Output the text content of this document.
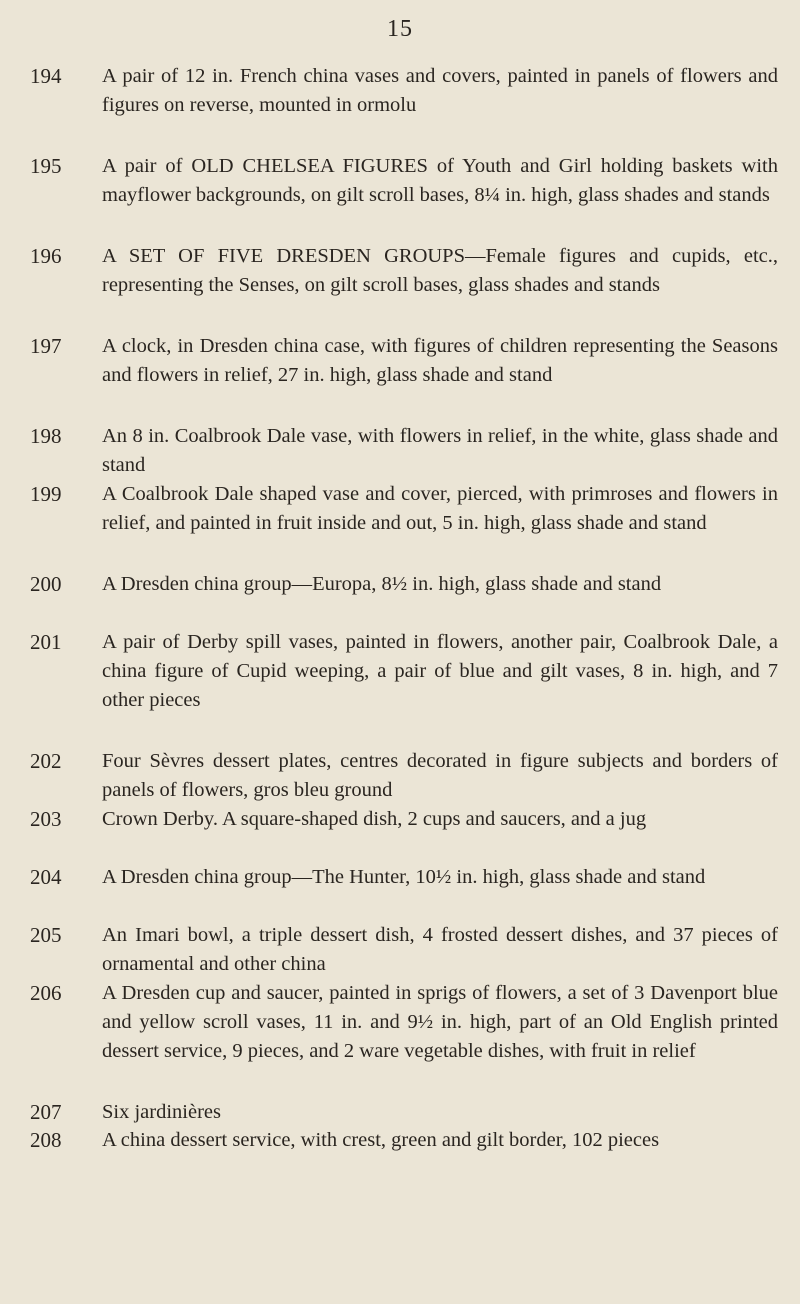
15
194	A pair of 12 in. French china vases and covers, painted in panels of flowers and figures on reverse, mounted in ormolu
195	A pair of OLD CHELSEA FIGURES of Youth and Girl holding baskets with mayflower backgrounds, on gilt scroll bases, 8¼ in. high, glass shades and stands
196	A SET OF FIVE DRESDEN GROUPS—Female figures and cupids, etc., representing the Senses, on gilt scroll bases, glass shades and stands
197	A clock, in Dresden china case, with figures of children representing the Seasons and flowers in relief, 27 in. high, glass shade and stand
198	An 8 in. Coalbrook Dale vase, with flowers in relief, in the white, glass shade and stand
199	A Coalbrook Dale shaped vase and cover, pierced, with primroses and flowers in relief, and painted in fruit inside and out, 5 in. high, glass shade and stand
200	A Dresden china group—Europa, 8½ in. high, glass shade and stand
201	A pair of Derby spill vases, painted in flowers, another pair, Coalbrook Dale, a china figure of Cupid weeping, a pair of blue and gilt vases, 8 in. high, and 7 other pieces
202	Four Sèvres dessert plates, centres decorated in figure subjects and borders of panels of flowers, gros bleu ground
203	Crown Derby. A square-shaped dish, 2 cups and saucers, and a jug
204	A Dresden china group—The Hunter, 10½ in. high, glass shade and stand
205	An Imari bowl, a triple dessert dish, 4 frosted dessert dishes, and 37 pieces of ornamental and other china
206	A Dresden cup and saucer, painted in sprigs of flowers, a set of 3 Davenport blue and yellow scroll vases, 11 in. and 9½ in. high, part of an Old English printed dessert service, 9 pieces, and 2 ware vegetable dishes, with fruit in relief
207	Six jardinières
208	A china dessert service, with crest, green and gilt border, 102 pieces
